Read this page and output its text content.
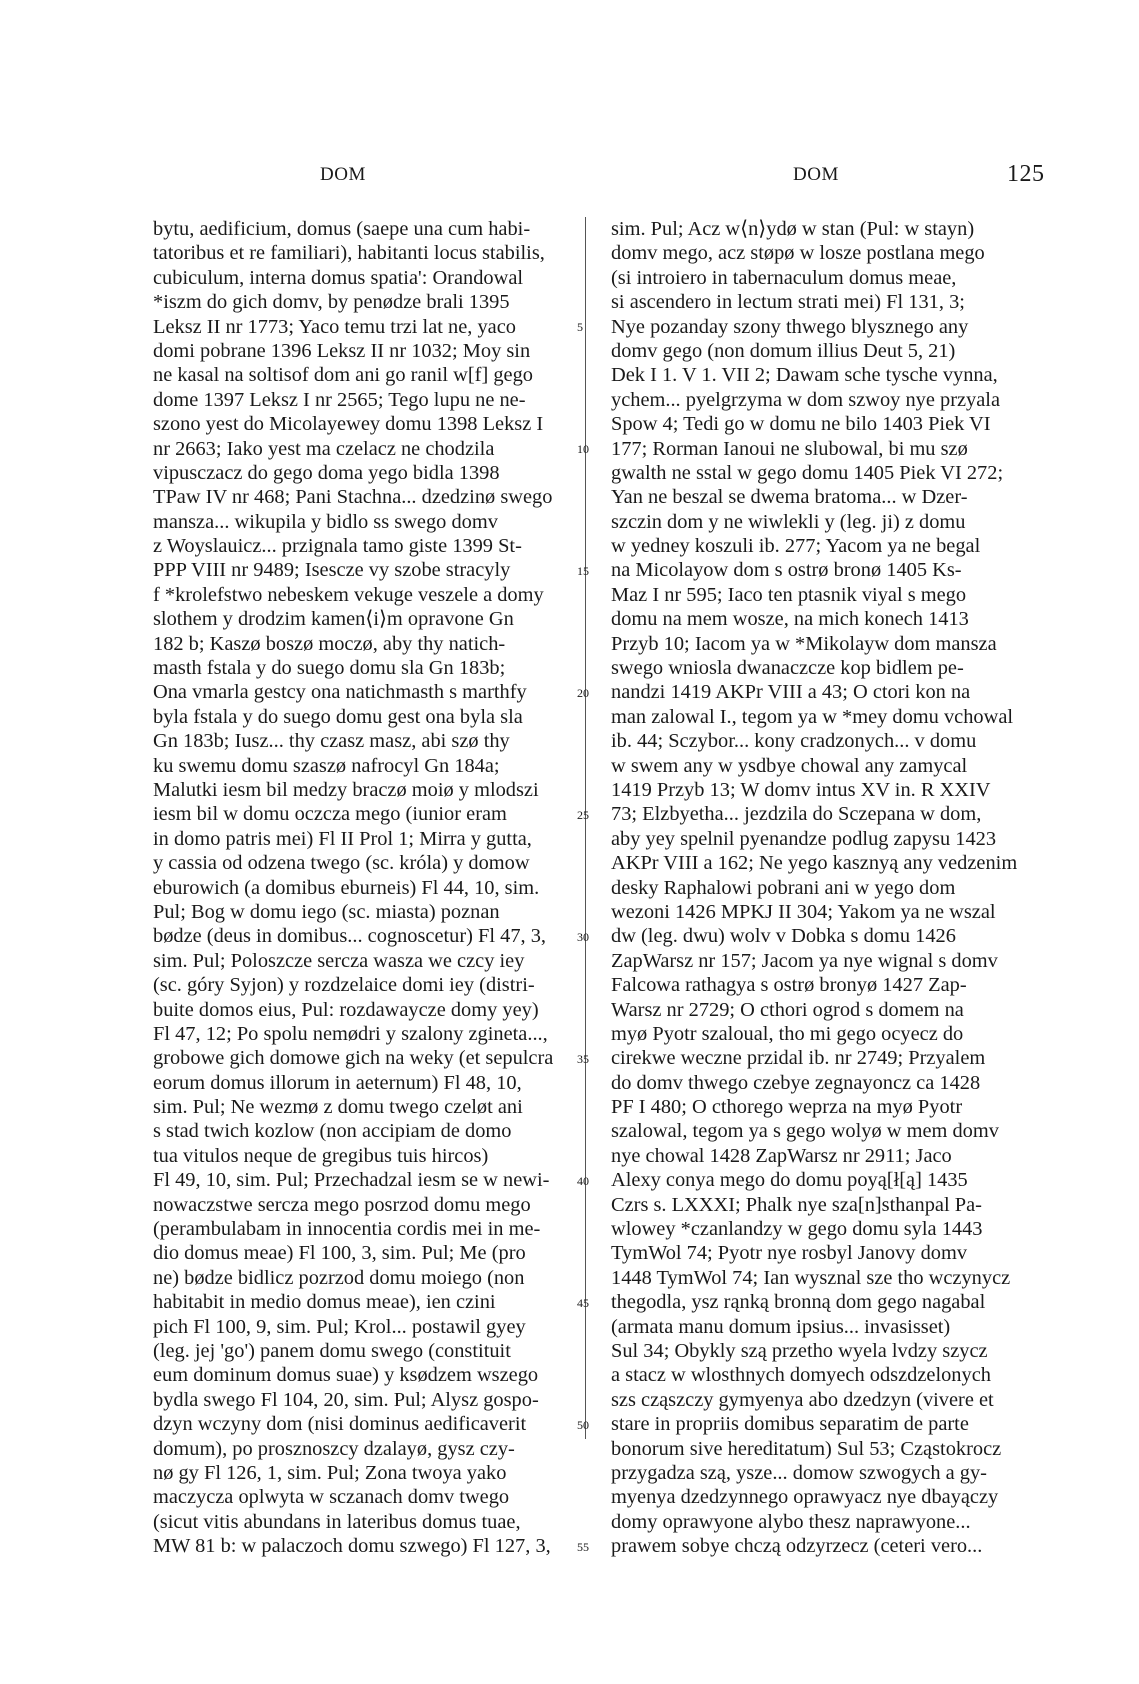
DOM	DOM	125
bytu, aedificium, domus (saepe una cum habi-
tatoribus et re familiari), habitanti locus stabilis,
cubiculum, interna domus spatia': Orandowal
*iszm do gich domv, by penødze brali 1395
Leksz II nr 1773; Yaco temu trzi lat ne, yaco
domi pobrane 1396 Leksz II nr 1032; Moy sin
ne kasal na soltisof dom ani go ranil w[f] gego
dome 1397 Leksz I nr 2565; Tego lupu ne ne-
szono yest do Micolayewey domu 1398 Leksz I
nr 2663; Iako yest ma czelacz ne chodzila
vipusczacz do gego doma yego bidla 1398
TPaw IV nr 468; Pani Stachna... dzedzinø swego
mansza... wikupila y bidlo ss swego domv
z Woyslauicz... przignala tamo giste 1399 St-
PPP VIII nr 9489; Isescze vy szobe stracyly
f *krolefstwo nebeskem vekuge veszele a domy
slothem y drodzim kamen⟨i⟩m opravone Gn
182 b; Kaszø boszø moczø, aby thy natich-
masth fstala y do suego domu sla Gn 183b;
Ona vmarla gestcy ona natichmasth s marthfy
byla fstala y do suego domu gest ona byla sla
Gn 183b; Iusz... thy czasz masz, abi szø thy
ku swemu domu szaszø nafrocyl Gn 184a;
Malutki iesm bil medzy braczø moiø y mlodszi
iesm bil w domu oczcza mego (iunior eram
in domo patris mei) Fl II Prol 1; Mirra y gutta,
y cassia od odzena twego (sc. króla) y domow
eburowich (a domibus eburneis) Fl 44, 10, sim.
Pul; Bog w domu iego (sc. miasta) poznan
bødze (deus in domibus... cognoscetur) Fl 47, 3,
sim. Pul; Poloszcze sercza wasza we czcy iey
(sc. góry Syjon) y rozdzelaice domi iey (distri-
buite domos eius, Pul: rozdawaycze domy yey)
Fl 47, 12; Po spolu nemødri y szalony zgineta...,
grobowe gich domowe gich na weky (et sepulcra
eorum domus illorum in aeternum) Fl 48, 10,
sim. Pul; Ne wezmø z domu twego czeløt ani
s stad twich kozlow (non accipiam de domo
tua vitulos neque de gregibus tuis hircos)
Fl 49, 10, sim. Pul; Przechadzal iesm se w newi-
nowaczstwe sercza mego posrzod domu mego
(perambulabam in innocentia cordis mei in me-
dio domus meae) Fl 100, 3, sim. Pul; Me (pro
ne) bødze bidlicz pozrzod domu moiego (non
habitabit in medio domus meae), ien czini
pich Fl 100, 9, sim. Pul; Krol... postawil gyey
(leg. jej 'go') panem domu swego (constituit
eum dominum domus suae) y ksødzem wszego
bydla swego Fl 104, 20, sim. Pul; Alysz gospo-
dzyn wczyny dom (nisi dominus aedificaverit
domum), po prosznoszcy dzalayø, gysz czy-
nø gy Fl 126, 1, sim. Pul; Zona twoya yako
maczycza oplwyta w sczanach domv twego
(sicut vitis abundans in lateribus domus tuae,
MW 81 b: w palaczoch domu szwego) Fl 127, 3,
sim. Pul; Acz w⟨n⟩ydø w stan (Pul: w stayn)
domv mego, acz støpø w losze postlana mego
(si introiero in tabernaculum domus meae,
si ascendero in lectum strati mei) Fl 131, 3;
Nye pozanday szony thwego blysznego any
domv gego (non domum illius Deut 5, 21)
Dek I 1. V 1. VII 2; Dawam sche tysche vynna,
ychem... pyelgrzyma w dom szwoy nye przyala
Spow 4; Tedi go w domu ne bilo 1403 Piek VI
177; Rorman Ianoui ne slubowal, bi mu szø
gwalth ne sstal w gego domu 1405 Piek VI 272;
Yan ne beszal se dwema bratoma... w Dzer-
szczin dom y ne wiwlekli y (leg. ji) z domu
w yedney koszuli ib. 277; Yacom ya ne begal
na Micolayow dom s ostrø bronø 1405 Ks-
Maz I nr 595; Iaco ten ptasnik viyal s mego
domu na mem wosze, na mich konech 1413
Przyb 10; Iacom ya w *Mikolayw dom mansza
swego wniosla dwanaczcze kop bidlem pe-
nandzi 1419 AKPr VIII a 43; O ctori kon na
man zalowal I., tegom ya w *mey domu vchowal
ib. 44; Sczybor... kony cradzonych... v domu
w swem any w ysdbye chowal any zamycal
1419 Przyb 13; W domv intus XV in. R XXIV
73; Elzbyetha... jezdzila do Sczepana w dom,
aby yey spelnil pyenandze podlug zapysu 1423
AKPr VIII a 162; Ne yego kasznyą any vedzenim
desky Raphalowi pobrani ani w yego dom
wezoni 1426 MPKJ II 304; Yakom ya ne wszal
dw (leg. dwu) wolv v Dobka s domu 1426
ZapWarsz nr 157; Jacom ya nye wignal s domv
Falcowa rathagya s ostrø bronyø 1427 Zap-
Warsz nr 2729; O cthori ogrod s domem na
myø Pyotr szaloual, tho mi gego ocyecz do
cirekwe weczne przidal ib. nr 2749; Przyalem
do domv thwego czebye zegnayoncz ca 1428
PF I 480; O cthorego weprza na myø Pyotr
szalowal, tegom ya s gego wolyø w mem domv
nye chowal 1428 ZapWarsz nr 2911; Jaco
Alexy conya mego do domu poyą[ł[ą] 1435
Czrs s. LXXXI; Phalk nye sza[n]sthanpal Pa-
wlowey *czanlandzy w gego domu syla 1443
TymWol 74; Pyotr nye rosbyl Janovy domv
1448 TymWol 74; Ian wysznal sze tho wczynycz
thegodla, ysz rąnką bronną dom gego nagabal
(armata manu domum ipsius... invasisset)
Sul 34; Obykly szą przetho wyela lvdzy szycz
a stacz w wlosthnych domyech odszdzelonych
szs cząszczy gymyenya abo dzedzyn (vivere et
stare in propriis domibus separatim de parte
bonorum sive hereditatum) Sul 53; Cząstokrocz
przygadza szą, ysze... domow szwogych a gy-
myenya dzedzynnego oprawyacz nye dbayączy
domy oprawyone alybo thesz naprawyone...
prawem sobye chczą odzyrzecz (ceteri vero...
5
10
15
20
25
30
35
40
45
50
55
